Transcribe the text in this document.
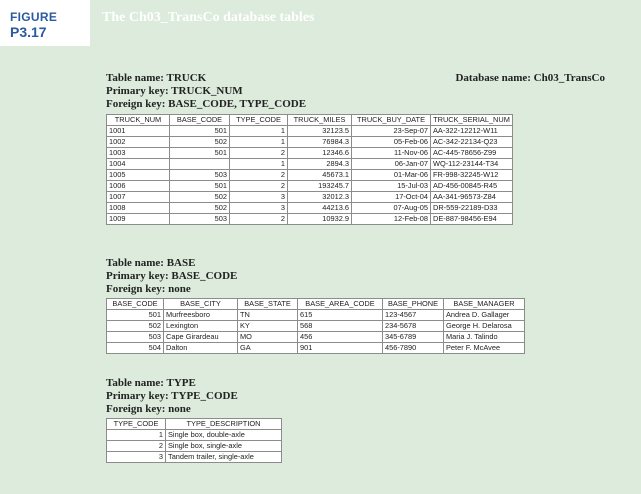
FIGURE
P3.17
The Ch03_TransCo database tables
Database name: Ch03_TransCo
Table name: TRUCK
Primary key: TRUCK_NUM
Foreign key: BASE_CODE, TYPE_CODE
TRUCK_NUM	BASE_CODE	TYPE_CODE	TRUCK_MILES	TRUCK_BUY_DATE	TRUCK_SERIAL_NUM
1001	501	1	32123.5	23-Sep-07	AA-322-12212-W11
1002	502	1	76984.3	05-Feb-06	AC-342-22134-Q23
1003	501	2	12346.6	11-Nov-06	AC-445-78656-Z99
1004		1	2894.3	06-Jan-07	WQ-112-23144-T34
1005	503	2	45673.1	01-Mar-06	FR-998-32245-W12
1006	501	2	193245.7	15-Jul-03	AD-456-00845-R45
1007	502	3	32012.3	17-Oct-04	AA-341-96573-Z84
1008	502	3	44213.6	07-Aug-05	DR-559-22189-D33
1009	503	2	10932.9	12-Feb-08	DE-887-98456-E94
Table name: BASE
Primary key: BASE_CODE
Foreign key: none
BASE_CODE	BASE_CITY	BASE_STATE	BASE_AREA_CODE	BASE_PHONE	BASE_MANAGER
501	Murfreesboro	TN	615	123-4567	Andrea D. Gallager
502	Lexington	KY	568	234-5678	George H. Delarosa
503	Cape Girardeau	MO	456	345-6789	Maria J. Talindo
504	Dalton	GA	901	456-7890	Peter F. McAvee
Table name: TYPE
Primary key: TYPE_CODE
Foreign key: none
TYPE_CODE	TYPE_DESCRIPTION
1	Single box, double-axle
2	Single box, single-axle
3	Tandem trailer, single-axle
